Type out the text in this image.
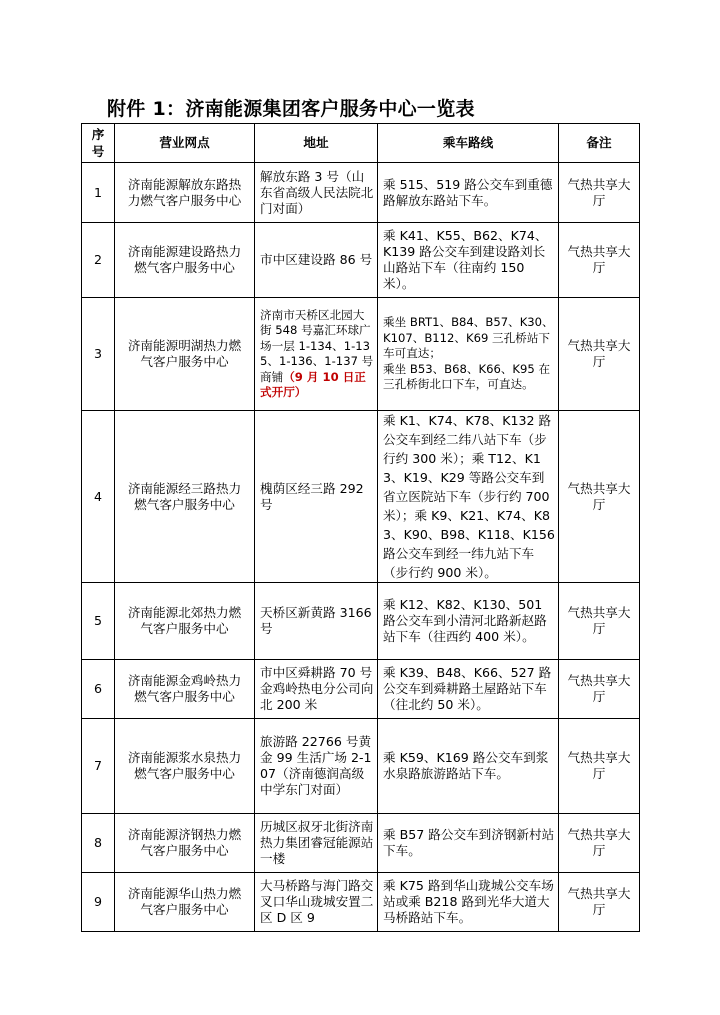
附件 1：济南能源集团客户服务中心一览表
序号	营业网点	地址	乘车路线	备注
1	济南能源解放东路热力燃气客户服务中心	解放东路 3 号（山东省高级人民法院北门对面）	乘 515、519 路公交车到重德路解放东路站下车。	气热共享大厅
2	济南能源建设路热力燃气客户服务中心	市中区建设路 86 号	乘 K41、K55、B62、K74、K139 路公交车到建设路刘长山路站下车（往南约 150 米）。	气热共享大厅
3	济南能源明湖热力燃气客户服务中心	济南市天桥区北园大街 548 号嘉汇环球广场一层 1-134、1-135、1-136、1-137 号商铺（9 月 10 日正式开厅）	乘坐 BRT1、B84、B57、K30、K107、B112、K69 三孔桥站下车可直达；
乘坐 B53、B68、K66、K95 在三孔桥街北口下车，可直达。	气热共享大厅
4	济南能源经三路热力燃气客户服务中心	槐荫区经三路 292 号	乘 K1、K74、K78、K132 路公交车到经二纬八站下车（步行约 300 米）；乘 T12、K13、K19、K29 等路公交车到省立医院站下车（步行约 700 米）；乘 K9、K21、K74、K83、K90、B98、K118、K156 路公交车到经一纬九站下车（步行约 900 米）。	气热共享大厅
5	济南能源北郊热力燃气客户服务中心	天桥区新黄路 3166 号	乘 K12、K82、K130、501 路公交车到小清河北路新赵路站下车（往西约 400 米）。	气热共享大厅
6	济南能源金鸡岭热力燃气客户服务中心	市中区舜耕路 70 号金鸡岭热电分公司向北 200 米	乘 K39、B48、K66、527 路公交车到舜耕路土屋路站下车（往北约 50 米）。	气热共享大厅
7	济南能源浆水泉热力燃气客户服务中心	旅游路 22766 号黄金 99 生活广场 2-107（济南德润高级中学东门对面）	乘 K59、K169 路公交车到浆水泉路旅游路站下车。	气热共享大厅
8	济南能源济钢热力燃气客户服务中心	历城区叔牙北街济南热力集团睿冠能源站一楼	乘 B57 路公交车到济钢新村站下车。	气热共享大厅
9	济南能源华山热力燃气客户服务中心	大马桥路与海门路交叉口华山珑城安置二区 D 区 9	乘 K75 路到华山珑城公交车场站或乘 B218 路到光华大道大马桥路站下车。	气热共享大厅
